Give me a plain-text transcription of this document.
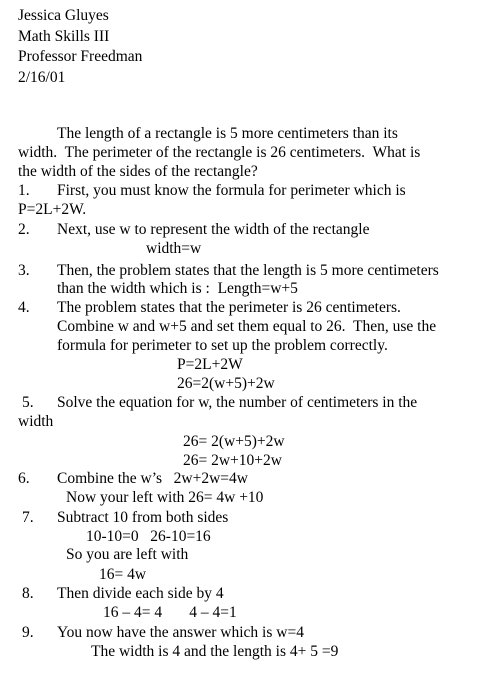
Jessica Gluyes
Math Skills III
Professor Freedman
2/16/01
The length of a rectangle is 5 more centimeters than its
width.  The perimeter of the rectangle is 26 centimeters.  What is
the width of the sides of the rectangle?
1. First, you must know the formula for perimeter which is
P=2L+2W.
2. Next, use w to represent the width of the rectangle
width=w
3. Then, the problem states that the length is 5 more centimeters
than the width which is :  Length=w+5
4. The problem states that the perimeter is 26 centimeters.
Combine w and w+5 and set them equal to 26.  Then, use the
formula for perimeter to set up the problem correctly.
P=2L+2W
26=2(w+5)+2w
5. Solve the equation for w, the number of centimeters in the
width
26= 2(w+5)+2w
26= 2w+10+2w
6. Combine the w’s   2w+2w=4w
Now your left with 26= 4w +10
7. Subtract 10 from both sides
10-10=0   26-10=16
So you are left with
16= 4w
8. Then divide each side by 4
16 – 4= 4       4 – 4=1
9. You now have the answer which is w=4
The width is 4 and the length is 4+ 5 =9
